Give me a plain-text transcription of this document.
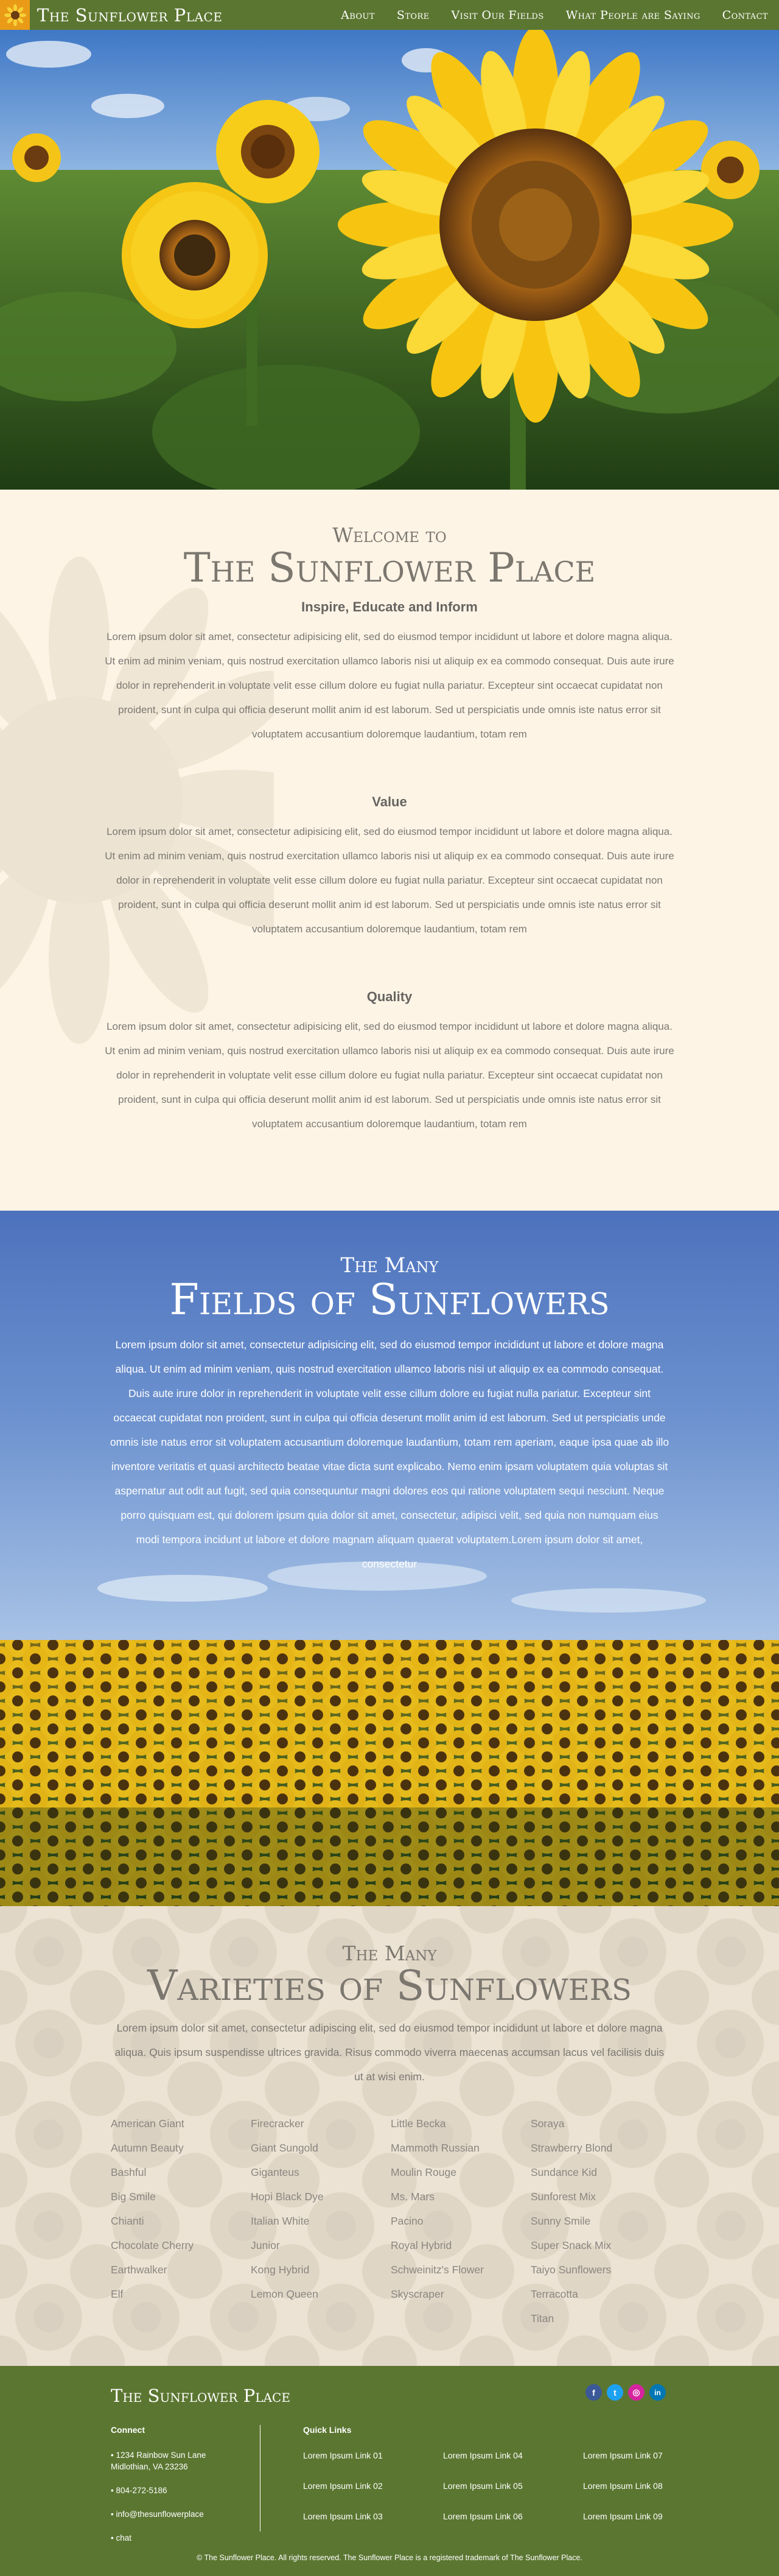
The Sunflower Place	About	Store	Visit Our Fields	What People are Saying	Contact
Welcome to
The Sunflower Place
Inspire, Educate and Inform

Lorem ipsum dolor sit amet, consectetur adipisicing elit, sed do eiusmod tempor incididunt ut labore et dolore magna aliqua. Ut enim ad minim veniam, quis nostrud exercitation ullamco laboris nisi ut aliquip ex ea commodo consequat. Duis aute irure dolor in reprehenderit in voluptate velit esse cillum dolore eu fugiat nulla pariatur. Excepteur sint occaecat cupidatat non proident, sunt in culpa qui officia deserunt mollit anim id est laborum. Sed ut perspiciatis unde omnis iste natus error sit voluptatem accusantium doloremque laudantium, totam rem

Value

Lorem ipsum dolor sit amet, consectetur adipisicing elit, sed do eiusmod tempor incididunt ut labore et dolore magna aliqua. Ut enim ad minim veniam, quis nostrud exercitation ullamco laboris nisi ut aliquip ex ea commodo consequat. Duis aute irure dolor in reprehenderit in voluptate velit esse cillum dolore eu fugiat nulla pariatur. Excepteur sint occaecat cupidatat non proident, sunt in culpa qui officia deserunt mollit anim id est laborum. Sed ut perspiciatis unde omnis iste natus error sit voluptatem accusantium doloremque laudantium, totam rem

Quality

Lorem ipsum dolor sit amet, consectetur adipisicing elit, sed do eiusmod tempor incididunt ut labore et dolore magna aliqua. Ut enim ad minim veniam, quis nostrud exercitation ullamco laboris nisi ut aliquip ex ea commodo consequat. Duis aute irure dolor in reprehenderit in voluptate velit esse cillum dolore eu fugiat nulla pariatur. Excepteur sint occaecat cupidatat non proident, sunt in culpa qui officia deserunt mollit anim id est laborum. Sed ut perspiciatis unde omnis iste natus error sit voluptatem accusantium doloremque laudantium, totam rem

The Many
Fields of Sunflowers
Lorem ipsum dolor sit amet, consectetur adipisicing elit, sed do eiusmod tempor incididunt ut labore et dolore magna aliqua. Ut enim ad minim veniam, quis nostrud exercitation ullamco laboris nisi ut aliquip ex ea commodo consequat. Duis aute irure dolor in reprehenderit in voluptate velit esse cillum dolore eu fugiat nulla pariatur. Excepteur sint occaecat cupidatat non proident, sunt in culpa qui officia deserunt mollit anim id est laborum. Sed ut perspiciatis unde omnis iste natus error sit voluptatem accusantium doloremque laudantium, totam rem aperiam, eaque ipsa quae ab illo inventore veritatis et quasi architecto beatae vitae dicta sunt explicabo. Nemo enim ipsam voluptatem quia voluptas sit aspernatur aut odit aut fugit, sed quia consequuntur magni dolores eos qui ratione voluptatem sequi nesciunt. Neque porro quisquam est, qui dolorem ipsum quia dolor sit amet, consectetur, adipisci velit, sed quia non numquam eius modi tempora incidunt ut labore et dolore magnam aliquam quaerat voluptatem.Lorem ipsum dolor sit amet, consectetur
The Many
Varieties of Sunflowers
Lorem ipsum dolor sit amet, consectetur adipiscing elit, sed do eiusmod tempor incididunt ut labore et dolore magna aliqua. Quis ipsum suspendisse ultrices gravida. Risus commodo viverra maecenas accumsan lacus vel facilisis duis ut at wisi enim.
American Giant
Autumn Beauty
Bashful
Big Smile
Chianti
Chocolate Cherry
Earthwalker
Elf
Firecracker
Giant Sungold
Giganteus
Hopi Black Dye
Italian White
Junior
Kong Hybrid
Lemon Queen
Little Becka
Mammoth Russian
Moulin Rouge
Ms. Mars
Pacino
Royal Hybrid
Schweinitz's Flower
Skyscraper
Soraya
Strawberry Blond
Sundance Kid
Sunforest Mix
Sunny Smile
Super Snack Mix
Taiyo Sunflowers
Terracotta
Titan
The Sunflower Place	f	t	◎	in
Connect
• 1234 Rainbow Sun Lane
Midlothian, VA 23236
• 804-272-5186
• info@thesunflowerplace
• chat
Quick Links
Lorem Ipsum Link 01	Lorem Ipsum Link 04	Lorem Ipsum Link 07
Lorem Ipsum Link 02	Lorem Ipsum Link 05	Lorem Ipsum Link 08
Lorem Ipsum Link 03	Lorem Ipsum Link 06	Lorem Ipsum Link 09
© The Sunflower Place. All rights reserved. The Sunflower Place is a registered trademark of The Sunflower Place.
